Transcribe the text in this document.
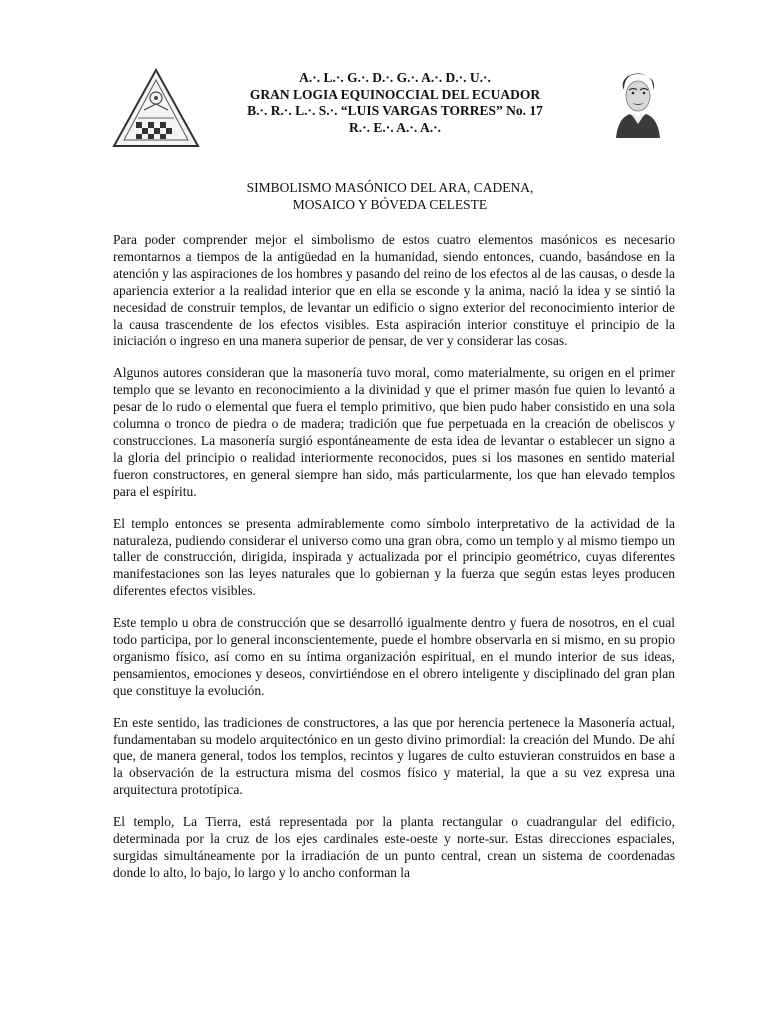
A.·. L.·. G.·. D.·. G.·. A.·. D.·. U.·.
GRAN LOGIA EQUINOCCIAL DEL ECUADOR
B.·. R.·. L.·. S.·. “LUIS VARGAS TORRES” No. 17
R.·. E.·. A.·. A.·.
SIMBOLISMO MASÓNICO DEL ARA, CADENA,
MOSAICO Y BÓVEDA CELESTE

Para poder comprender mejor el simbolismo de estos cuatro elementos masónicos es necesario remontarnos a tiempos de la antigüedad en la humanidad, siendo entonces, cuando, basándose en la atención y las aspiraciones de los hombres y pasando del reino de los efectos al de las causas, o desde la apariencia exterior a la realidad interior que en ella se esconde y la anima, nació la idea y se sintió la necesidad de construir templos, de levantar un edificio o signo exterior del reconocimiento interior de la causa trascendente de los efectos visibles. Esta aspiración interior constituye el principio de la iniciación o ingreso en una manera superior de pensar, de ver y considerar las cosas.

Algunos autores consideran que la masonería tuvo moral, como materialmente, su origen en el primer templo que se levanto en reconocimiento a la divinidad y que el primer masón fue quien lo levantó a pesar de lo rudo o elemental que fuera el templo primitivo, que bien pudo haber consistido en una sola columna o tronco de piedra o de madera; tradición que fue perpetuada en la creación de obeliscos y construcciones. La masonería surgió espontáneamente de esta idea de levantar o establecer un signo a la gloria del principio o realidad interiormente reconocidos, pues si los masones en sentido material fueron constructores, en general siempre han sido, más particularmente, los que han elevado templos para el espíritu.

El templo entonces se presenta admirablemente como símbolo interpretativo de la actividad de la naturaleza, pudiendo considerar el universo como una gran obra, como un templo y al mismo tiempo un taller de construcción, dirigida, inspirada y actualizada por el principio geométrico, cuyas diferentes manifestaciones son las leyes naturales que lo gobiernan y la fuerza que según estas leyes producen diferentes efectos visibles.

Este templo u obra de construcción que se desarrolló igualmente dentro y fuera de nosotros, en el cual todo participa, por lo general inconscientemente, puede el hombre observarla en si mismo, en su propio organismo físico, así como en su íntima organización espiritual, en el mundo interior de sus ideas, pensamientos, emociones y deseos, convirtiéndose en el obrero inteligente y disciplinado del gran plan que constituye la evolución.

En este sentido, las tradiciones de constructores, a las que por herencia pertenece la Masonería actual, fundamentaban su modelo arquitectónico en un gesto divino primordial: la creación del Mundo. De ahí que, de manera general, todos los templos, recintos y lugares de culto estuvieran construidos en base a la observación de la estructura misma del cosmos físico y material, la que a su vez expresa una arquitectura prototípica.

El templo, La Tierra, está representada por la planta rectangular o cuadrangular del edificio, determinada por la cruz de los ejes cardinales este-oeste y norte-sur. Estas direcciones espaciales, surgidas simultáneamente por la irradiación de un punto central, crean un sistema de coordenadas donde lo alto, lo bajo, lo largo y lo ancho conforman la
